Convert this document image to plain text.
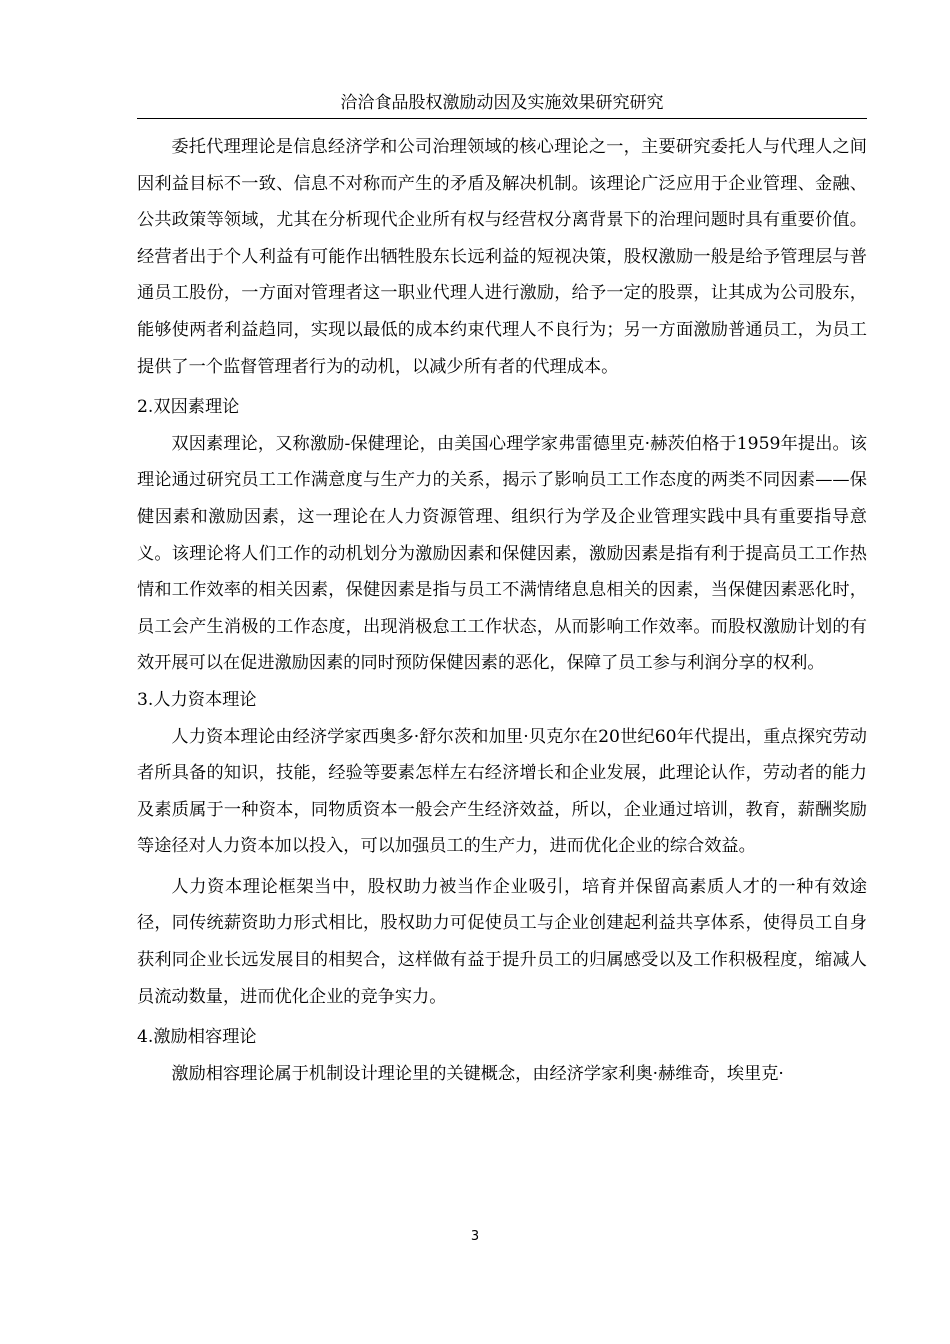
洽洽食品股权激励动因及实施效果研究研究

委托代理理论是信息经济学和公司治理领域的核心理论之一，主要研究委托人与代理人之间因利益目标不一致、信息不对称而产生的矛盾及解决机制。该理论广泛应用于企业管理、金融、公共政策等领域，尤其在分析现代企业所有权与经营权分离背景下的治理问题时具有重要价值。经营者出于个人利益有可能作出牺牲股东长远利益的短视决策，股权激励一般是给予管理层与普通员工股份，一方面对管理者这一职业代理人进行激励，给予一定的股票，让其成为公司股东，能够使两者利益趋同，实现以最低的成本约束代理人不良行为；另一方面激励普通员工，为员工提供了一个监督管理者行为的动机，以减少所有者的代理成本。

2.双因素理论

双因素理论，又称激励-保健理论，由美国心理学家弗雷德里克·赫茨伯格于1959年提出。该理论通过研究员工工作满意度与生产力的关系，揭示了影响员工工作态度的两类不同因素——保健因素和激励因素，这一理论在人力资源管理、组织行为学及企业管理实践中具有重要指导意义。该理论将人们工作的动机划分为激励因素和保健因素，激励因素是指有利于提高员工工作热情和工作效率的相关因素，保健因素是指与员工不满情绪息息相关的因素，当保健因素恶化时，员工会产生消极的工作态度，出现消极怠工工作状态，从而影响工作效率。而股权激励计划的有效开展可以在促进激励因素的同时预防保健因素的恶化，保障了员工参与利润分享的权利。

3.人力资本理论

人力资本理论由经济学家西奥多·舒尔茨和加里·贝克尔在20世纪60年代提出，重点探究劳动者所具备的知识，技能，经验等要素怎样左右经济增长和企业发展，此理论认作，劳动者的能力及素质属于一种资本，同物质资本一般会产生经济效益，所以，企业通过培训，教育，薪酬奖励等途径对人力资本加以投入，可以加强员工的生产力，进而优化企业的综合效益。

人力资本理论框架当中，股权助力被当作企业吸引，培育并保留高素质人才的一种有效途径，同传统薪资助力形式相比，股权助力可促使员工与企业创建起利益共享体系，使得员工自身获利同企业长远发展目的相契合，这样做有益于提升员工的归属感受以及工作积极程度，缩减人员流动数量，进而优化企业的竞争实力。

4.激励相容理论

激励相容理论属于机制设计理论里的关键概念，由经济学家利奥·赫维奇，埃里克·

3
